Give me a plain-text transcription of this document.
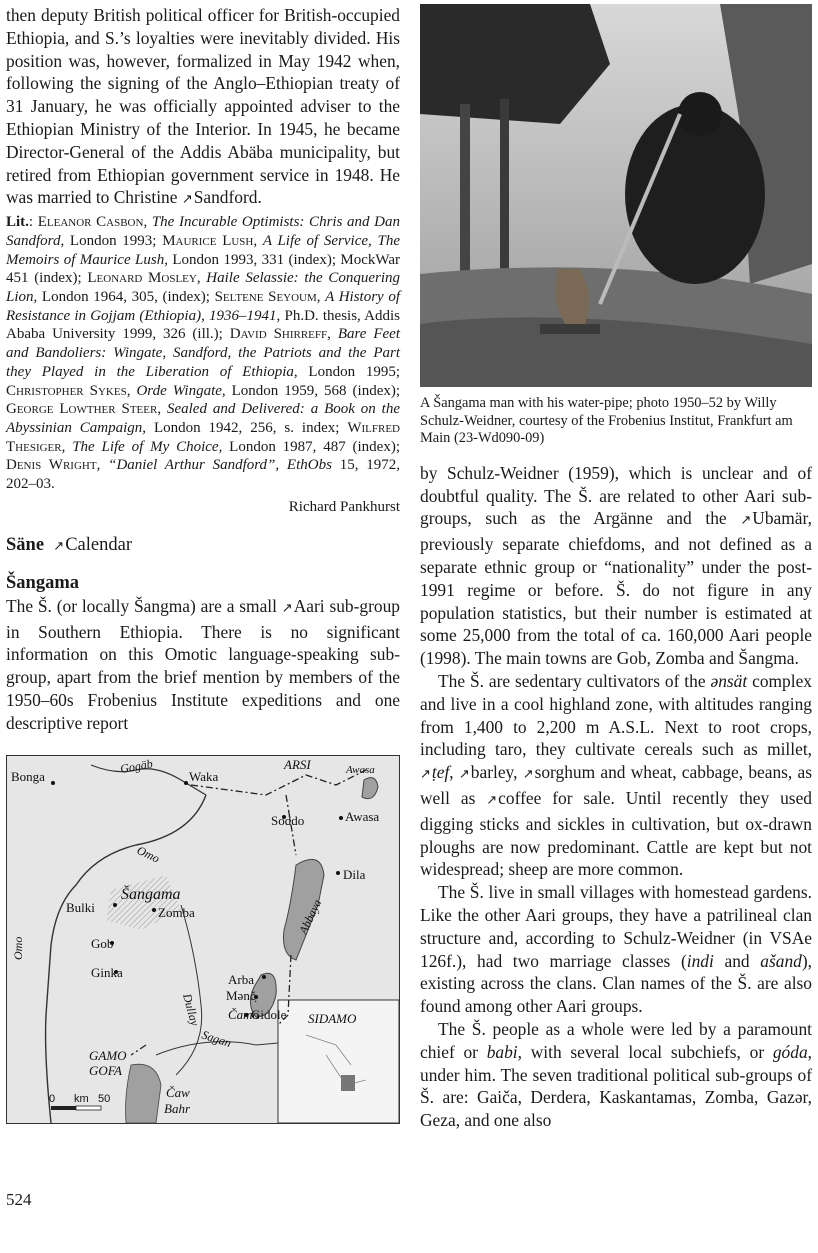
then deputy British political officer for British-occupied Ethiopia, and S.’s loyalties were inevitably divided. His position was, however, formalized in May 1942 when, following the signing of the Anglo–Ethiopian treaty of 31 January, he was officially appointed adviser to the Ethiopian Ministry of the Interior. In 1945, he became Director-General of the Addis Abäba municipality, but retired from Ethiopian government service in 1948. He was married to Christine ↗Sandford.

Lit.: Eleanor Casbon, The Incurable Optimists: Chris and Dan Sandford, London 1993; Maurice Lush, A Life of Service, The Memoirs of Maurice Lush, London 1993, 331 (index); MockWar 451 (index); Leonard Mosley, Haile Selassie: the Conquering Lion, London 1964, 305, (index); Seltene Seyoum, A History of Resistance in Gojjam (Ethiopia), 1936–1941, Ph.D. thesis, Addis Ababa University 1999, 326 (ill.); David Shirreff, Bare Feet and Bandoliers: Wingate, Sandford, the Patriots and the Part they Played in the Liberation of Ethiopia, London 1995; Christopher Sykes, Orde Wingate, London 1959, 568 (index); George Lowther Steer, Sealed and Delivered: a Book on the Abyssinian Campaign, London 1942, 256, s. index; Wilfred Thesiger, The Life of My Choice, London 1987, 487 (index); Denis Wright, “Daniel Arthur Sandford”, EthObs 15, 1972, 202–03.

Richard Pankhurst

Säne ↗Calendar
Šangama

The Š. (or locally Šangma) are a small ↗Aari sub-group in Southern Ethiopia. There is no significant information on this Omotic language-speaking sub-group, apart from the brief mention by members of the 1950–60s Frobenius Institute expeditions and one descriptive report

Bonga
Gogäb
Waka
ARSI	Awasa
Awasa
Soddo
Omo
Dila
Šangama
Bulki	Zomba	Abbaya
Omo	Gob
Arba
Mənč̣
Dullay
Ginka
Čamo
Gidole SIDAMO
GAMO
GOFA
Sagan
Čaw
Bahr
0 km 50

A Šangama man with his water-pipe; photo 1950–52 by Willy Schulz-Weidner, courtesy of the Frobenius Institut, Frankfurt am Main (23-Wd090-09)

by Schulz-Weidner (1959), which is unclear and of doubtful quality. The Š. are related to other Aari sub-groups, such as the Argänne and the ↗Ubamär, previously separate chiefdoms, and not defined as a separate ethnic group or “nationality” under the post-1991 regime or before. Š. do not figure in any population statistics, but their number is estimated at some 25,000 from the total of ca. 160,000 Aari people (1998). The main towns are Gob, Zomba and Šangma.

The Š. are sedentary cultivators of the ənsät complex and live in a cool highland zone, with altitudes ranging from 1,400 to 2,200 m A.S.L. Next to root crops, including taro, they cultivate cereals such as millet, ↗ṭef, ↗barley, ↗sorghum and wheat, cabbage, beans, as well as ↗coffee for sale. Until recently they used digging sticks and sickles in cultivation, but ox-drawn ploughs are now predominant. Cattle are kept but not widespread; sheep are more common.

The Š. live in small villages with homestead gardens. Like the other Aari groups, they have a patrilineal clan structure and, according to Schulz-Weidner (in VSAe 126f.), had two marriage classes (indi and ašand), existing across the clans. Clan names of the Š. are also found among other Aari groups.

The Š. people as a whole were led by a paramount chief or babi, with several local subchiefs, or góda, under him. The seven traditional political sub-groups of Š. are: Gaiča, Derdera, Kaskantamas, Zomba, Gazər, Geza, and one also

524
